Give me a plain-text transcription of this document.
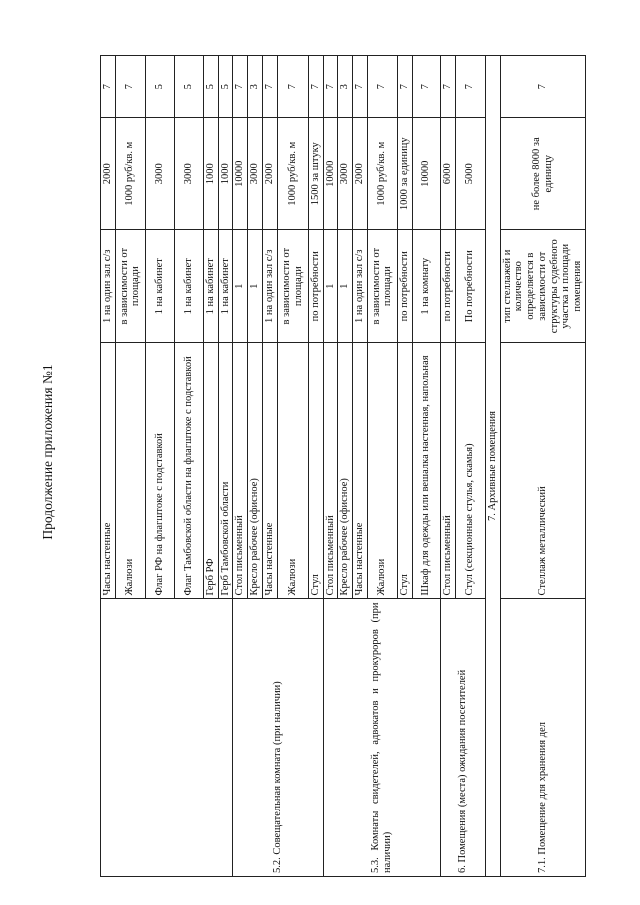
Продолжение приложения №1
	Часы настенные	1 на один зал с/з	2000	7
	Жалюзи	в зависимости от площади	1000 руб/кв. м	7
	Флаг РФ на флагштоке с подставкой	1 на кабинет	3000	5
	Флаг Тамбовской области на флагштоке с подставкой	1 на кабинет	3000	5
	Герб РФ	1 на кабинет	1000	5
	Герб Тамбовской области	1 на кабинет	1000	5
5.2. Совещательная комната (при наличии)	Стол письменный	1	10000	7
	Кресло рабочее (офисное)	1	3000	3
	Часы настенные	1 на один зал с/з	2000	7
	Жалюзи	в зависимости от площади	1000 руб/кв. м	7
	Стул	по потребности	1500 за штуку	7
5.3. Комнаты свидетелей, адвокатов и прокуроров (при наличии)	Стол письменный	1	10000	7
	Кресло рабочее (офисное)	1	3000	3
	Часы настенные	1 на один зал с/з	2000	7
	Жалюзи	в зависимости от площади	1000 руб/кв. м	7
	Стул	по потребности	1000 за единицу	7
	Шкаф для одежды или вешалка настенная, напольная	1 на комнату	10000	7
6. Помещения (места) ожидания посетителей	Стол письменный	по потребности	6000	7
	Стул (секционные стулья, скамья)	По потребности	5000	7
7. Архивные помещения				
7.1. Помещение для хранения дел	Стеллаж металлический	тип стеллажей и количество определяется в зависимости от структуры судебного участка и площади помещения	не более 8000 за единицу	7
